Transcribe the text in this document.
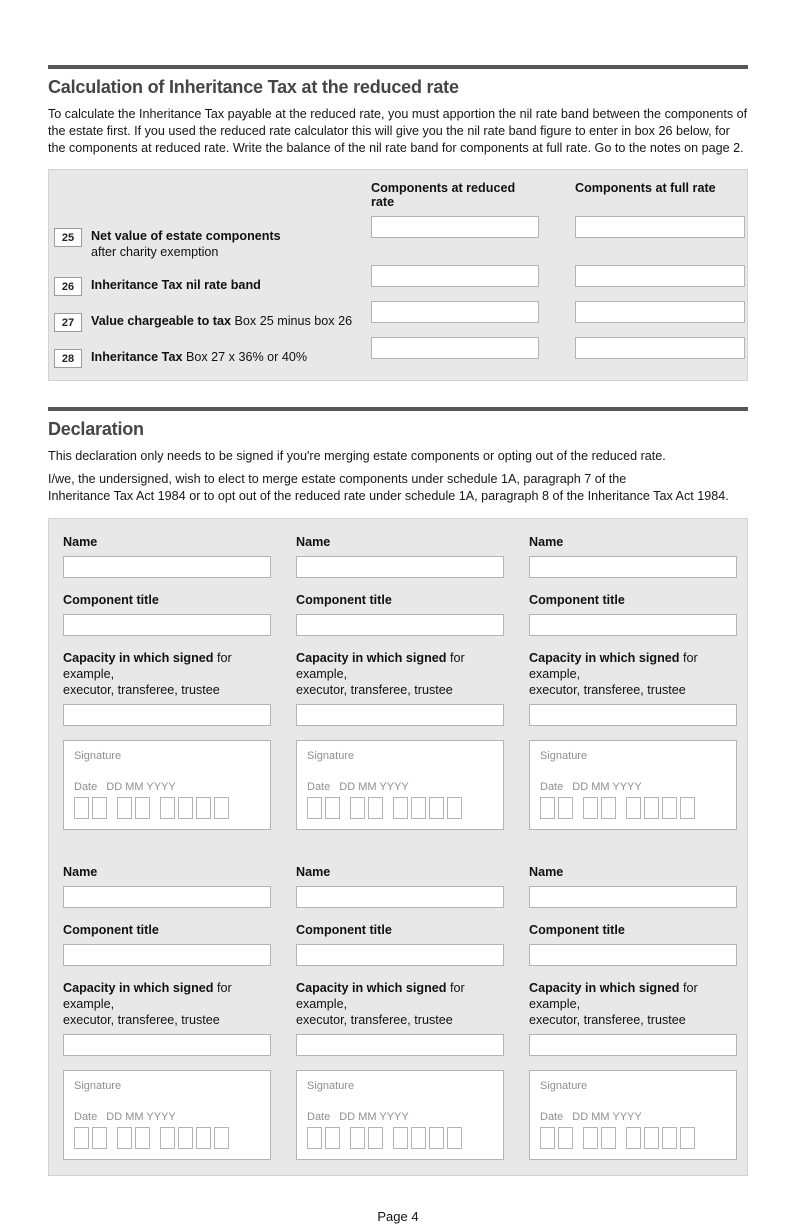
Calculation of Inheritance Tax at the reduced rate

To calculate the Inheritance Tax payable at the reduced rate, you must apportion the nil rate band between the components of the estate first. If you used the reduced rate calculator this will give you the nil rate band figure to enter in box 26 below, for the components at reduced rate. Write the balance of the nil rate band for components at full rate. Go to the notes on page 2.

Components at reduced rate
Components at full rate
25	Net value of estate components
after charity exemption
26	Inheritance Tax nil rate band
27	Value chargeable to tax Box 25 minus box 26
28	Inheritance Tax Box 27 x 36% or 40%
Declaration

This declaration only needs to be signed if you're merging estate components or opting out of the reduced rate.

I/we, the undersigned, wish to elect to merge estate components under schedule 1A, paragraph 7 of the
Inheritance Tax Act 1984 or to opt out of the reduced rate under schedule 1A, paragraph 8 of the Inheritance Tax Act 1984.

Name
Component title
Capacity in which signed for example,
executor, transferee, trustee
Signature
Date DD MM YYYY
Name
Component title
Capacity in which signed for example,
executor, transferee, trustee
Signature
Date DD MM YYYY
Name
Component title
Capacity in which signed for example,
executor, transferee, trustee
Signature
Date DD MM YYYY
Name
Component title
Capacity in which signed for example,
executor, transferee, trustee
Signature
Date DD MM YYYY
Name
Component title
Capacity in which signed for example,
executor, transferee, trustee
Signature
Date DD MM YYYY
Name
Component title
Capacity in which signed for example,
executor, transferee, trustee
Signature
Date DD MM YYYY
Page 4
